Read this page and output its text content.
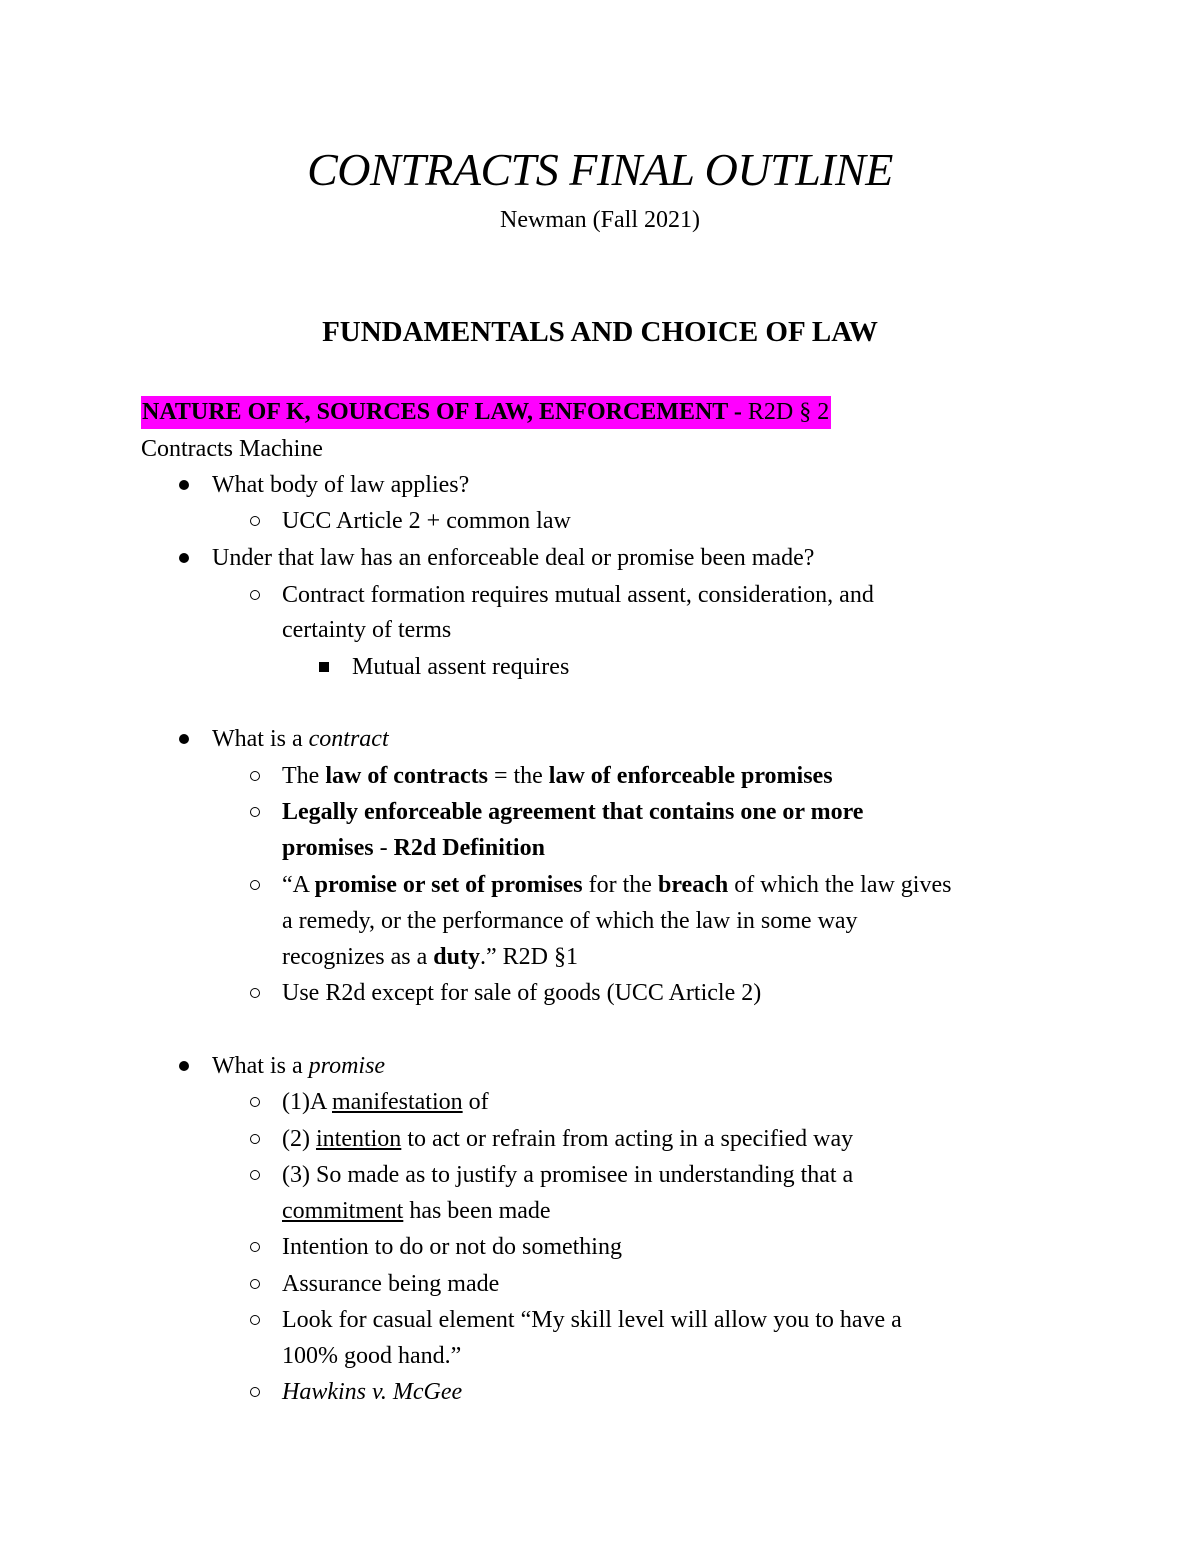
CONTRACTS FINAL OUTLINE
Newman (Fall 2021)
FUNDAMENTALS AND CHOICE OF LAW
NATURE OF K, SOURCES OF LAW, ENFORCEMENT - R2D § 2
Contracts Machine
What body of law applies?
UCC Article 2 + common law
Under that law has an enforceable deal or promise been made?
Contract formation requires mutual assent, consideration, and
certainty of terms
Mutual assent requires
What is a contract
The law of contracts = the law of enforceable promises
Legally enforceable agreement that contains one or more
promises - R2d Definition
“A promise or set of promises for the breach of which the law gives
a remedy, or the performance of which the law in some way
recognizes as a duty.” R2D §1
Use R2d except for sale of goods (UCC Article 2)
What is a promise
(1)A manifestation of
(2) intention to act or refrain from acting in a specified way
(3) So made as to justify a promisee in understanding that a
commitment has been made
Intention to do or not do something
Assurance being made
Look for casual element “My skill level will allow you to have a
100% good hand.”
Hawkins v. McGee
